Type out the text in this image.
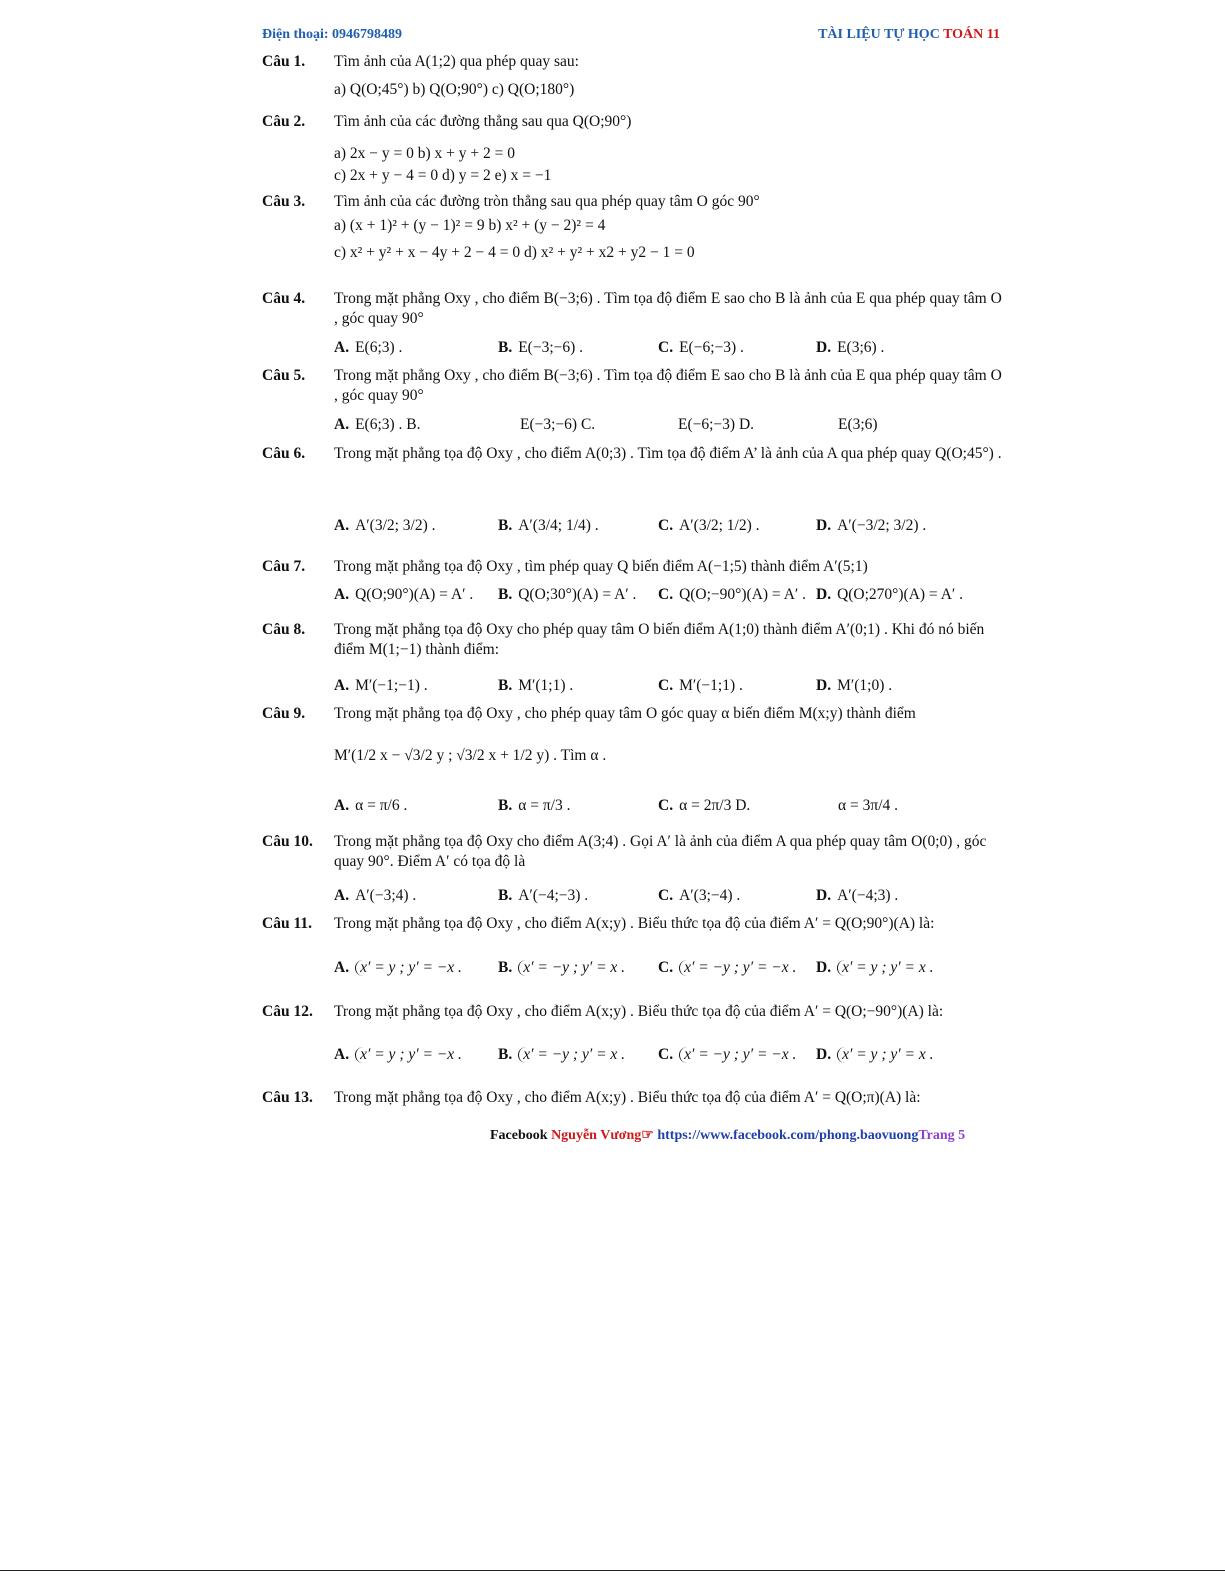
Điện thoại: 0946798489	TÀI LIỆU TỰ HỌC TOÁN 11
Câu 1.	Tìm ảnh của A(1;2) qua phép quay sau:
a) Q(O;45°) b) Q(O;90°) c) Q(O;180°)
Câu 2.	Tìm ảnh của các đường thẳng sau qua Q(O;90°)
a) 2x − y = 0 b) x + y + 2 = 0
c) 2x + y − 4 = 0 d) y = 2 e) x = −1
Câu 3.	Tìm ảnh của các đường tròn thẳng sau qua phép quay tâm O góc 90°
a) (x + 1)² + (y − 1)² = 9 b) x² + (y − 2)² = 4
c) x² + y² + x − 4y + 2 − 4 = 0 d) x² + y² + x2 + y2 − 1 = 0
Câu 4.	Trong mặt phẳng Oxy , cho điểm B(−3;6) . Tìm tọa độ điểm E sao cho B là ảnh của E qua phép quay tâm O , góc quay 90°
A. E(6;3) .	B. E(−3;−6) .	C. E(−6;−3) .	D. E(3;6) .
Câu 5.	Trong mặt phẳng Oxy , cho điểm B(−3;6) . Tìm tọa độ điểm E sao cho B là ảnh của E qua phép quay tâm O , góc quay 90°
A. E(6;3) . B.	E(−3;−6) C.	E(−6;−3) D.	E(3;6)
Câu 6.	Trong mặt phẳng tọa độ Oxy , cho điểm A(0;3) . Tìm tọa độ điểm A’ là ảnh của A qua phép quay Q(O;45°) .
A. A′(3/2; 3/2) .	B. A′(3/4; 1/4) .	C. A′(3/2; 1/2) .	D. A′(−3/2; 3/2) .
Câu 7.	Trong mặt phẳng tọa độ Oxy , tìm phép quay Q biến điểm A(−1;5) thành điểm A′(5;1)
A. Q(O;90°)(A) = A′ . B. Q(O;30°)(A) = A′ . C. Q(O;−90°)(A) = A′ . D. Q(O;270°)(A) = A′ .
Câu 8.	Trong mặt phẳng tọa độ Oxy cho phép quay tâm O biến điểm A(1;0) thành điểm A′(0;1) . Khi đó nó biến điểm M(1;−1) thành điểm:
A. M′(−1;−1) .	B. M′(1;1) .	C. M′(−1;1) .	D. M′(1;0) .
Câu 9.	Trong mặt phẳng tọa độ Oxy , cho phép quay tâm O góc quay α biến điểm M(x;y) thành điểm
M′(1/2 x − √3/2 y ; √3/2 x + 1/2 y) . Tìm α .
A. α = π/6 .	B. α = π/3 .	C. α = 2π/3 D.	α = 3π/4 .
Câu 10.	Trong mặt phẳng tọa độ Oxy cho điểm A(3;4) . Gọi A′ là ảnh của điểm A qua phép quay tâm O(0;0) , góc quay 90°. Điểm A′ có tọa độ là
A. A′(−3;4) .	B. A′(−4;−3) .	C. A′(3;−4) .	D. A′(−4;3) .
Câu 11.	Trong mặt phẳng tọa độ Oxy , cho điểm A(x;y) . Biểu thức tọa độ của điểm A′ = Q(O;90°)(A) là:
A. x′ = y ; y′ = −x . B. x′ = −y ; y′ = x . C. x′ = −y ; y′ = −x . D. x′ = y ; y′ = x .
Câu 12.	Trong mặt phẳng tọa độ Oxy , cho điểm A(x;y) . Biểu thức tọa độ của điểm A′ = Q(O;−90°)(A) là:
A. x′ = y ; y′ = −x . B. x′ = −y ; y′ = x . C. x′ = −y ; y′ = −x . D. x′ = y ; y′ = x .
Câu 13.	Trong mặt phẳng tọa độ Oxy , cho điểm A(x;y) . Biểu thức tọa độ của điểm A′ = Q(O;π)(A) là:
Facebook Nguyễn Vương☞ https://www.facebook.com/phong.baovuongTrang 5
